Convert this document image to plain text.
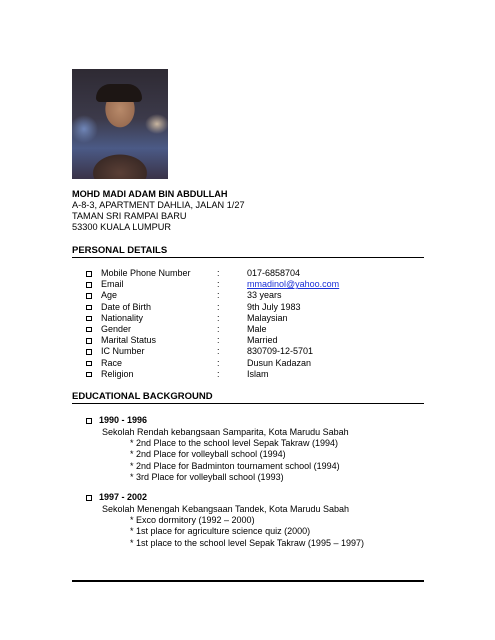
MOHD MADI ADAM BIN ABDULLAH
A-8-3, APARTMENT DAHLIA, JALAN 1/27
TAMAN SRI RAMPAI BARU
53300 KUALA LUMPUR
PERSONAL DETAILS
Mobile Phone Number	:	017-6858704
Email	:	mmadinol@yahoo.com
Age	:	33 years
Date of Birth	:	9th July 1983
Nationality	:	Malaysian
Gender	:	Male
Marital Status	:	Married
IC Number	:	830709-12-5701
Race	:	Dusun Kadazan
Religion	:	Islam
EDUCATIONAL BACKGROUND
1990 - 1996
Sekolah Rendah kebangsaan Samparita, Kota Marudu Sabah
* 2nd Place to the school level Sepak Takraw (1994)
* 2nd Place for volleyball school (1994)
* 2nd Place for Badminton tournament school (1994)
* 3rd Place for volleyball school (1993)
1997 - 2002
Sekolah Menengah Kebangsaan Tandek, Kota Marudu Sabah
* Exco dormitory (1992 – 2000)
* 1st place for agriculture science quiz (2000)
* 1st place to the school level Sepak Takraw (1995 – 1997)
